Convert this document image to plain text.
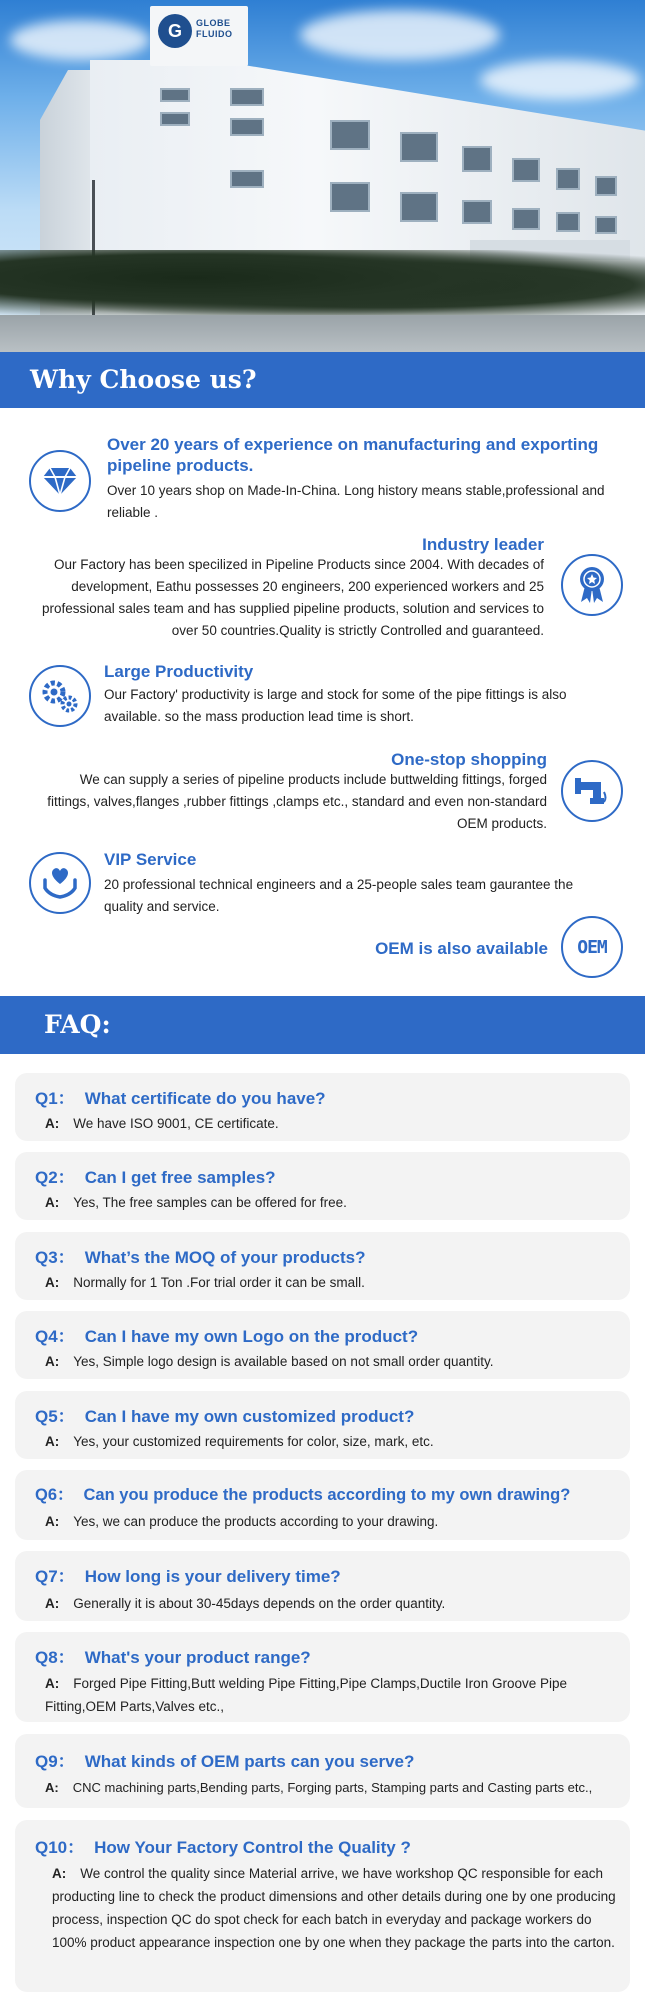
G	GLOBE
FLUIDO
Why Choose us?
Over 20 years of experience on manufacturing and exporting pipeline products.
Over 10 years shop on Made-In-China. Long history means stable,professional and reliable .
Industry leader
Our Factory has been specilized in Pipeline Products since 2004. With decades of development, Eathu possesses 20 engineers, 200 experienced workers and 25 professional sales team and has supplied pipeline products, solution and services to over 50 countries.Quality is strictly Controlled and guaranteed.
Large Productivity
Our Factory' productivity is large and stock for some of the pipe fittings is also available. so the mass production lead time is short.
One-stop shopping
We can supply a series of pipeline products include buttwelding fittings, forged fittings, valves,flanges ,rubber fittings ,clamps etc., standard and even non-standard OEM products.
VIP Service
20 professional technical engineers and a 25-people sales team gaurantee the quality and service.
OEM is also available OEM
FAQ:
Q1： What certificate do you have?
A: We have ISO 9001, CE certificate.
Q2： Can I get free samples?
A: Yes, The free samples can be offered for free.
Q3： What’s the MOQ of your products?
A: Normally for 1 Ton .For trial order it can be small.
Q4： Can I have my own Logo on the product?
A: Yes, Simple logo design is available based on not small order quantity.
Q5： Can I have my own customized product?
A: Yes, your customized requirements for color, size, mark, etc.
Q6： Can you produce the products according to my own drawing?
A: Yes, we can produce the products according to your drawing.
Q7： How long is your delivery time?
A: Generally it is about 30-45days depends on the order quantity.
Q8： What's your product range?
A: Forged Pipe Fitting,Butt welding Pipe Fitting,Pipe Clamps,Ductile Iron Groove Pipe Fitting,OEM Parts,Valves etc.,
Q9： What kinds of OEM parts can you serve?
A: CNC machining parts,Bending parts, Forging parts, Stamping parts and Casting parts etc.,
Q10： How Your Factory Control the Quality ?
A: We control the quality since Material arrive, we have workshop QC responsible for each producting line to check the product dimensions and other details during one by one producing process, inspection QC do spot check for each batch in everyday and package workers do 100% product appearance inspection one by one when they package the parts into the carton.
